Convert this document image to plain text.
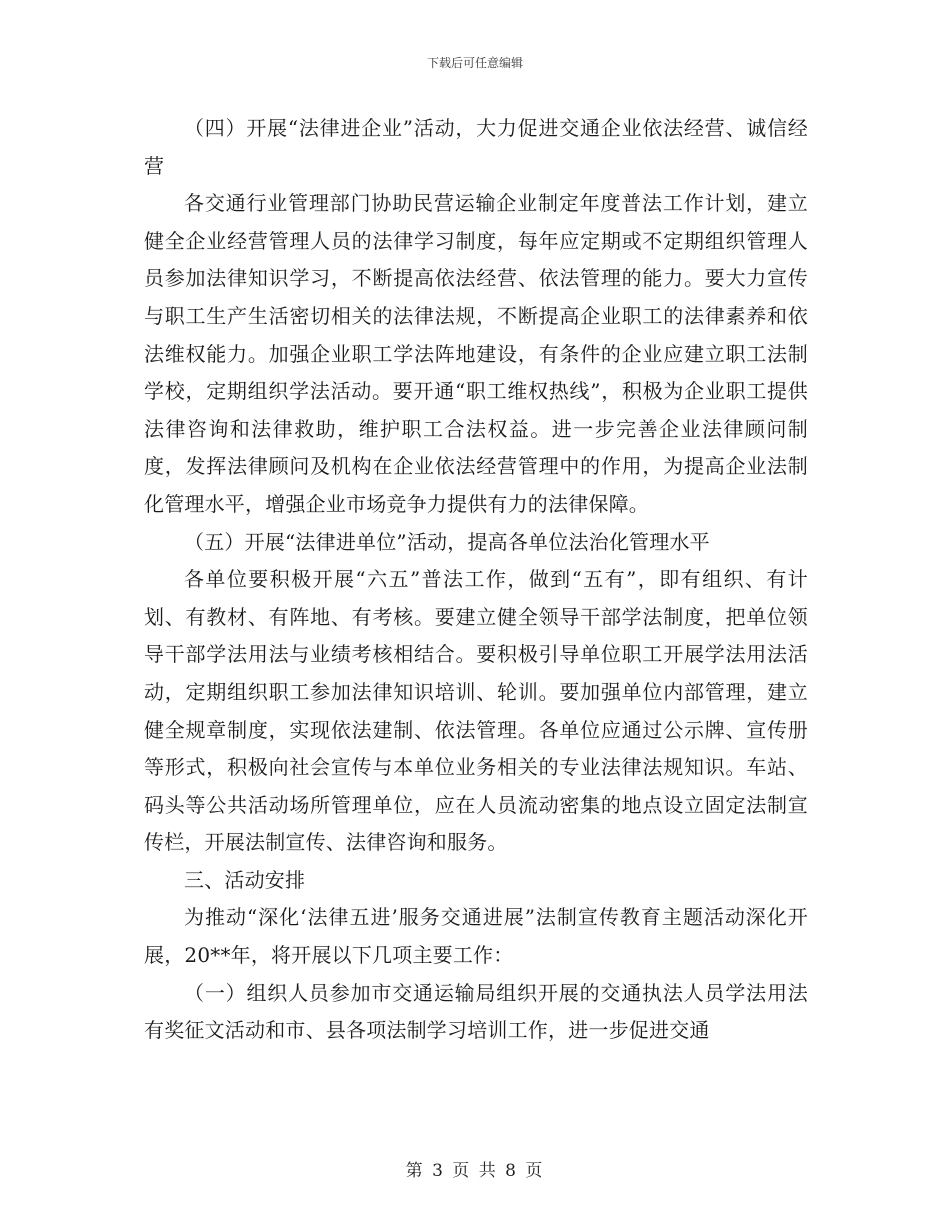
下载后可任意编辑

（四）开展“法律进企业”活动，大力促进交通企业依法经营、诚信经营

各交通行业管理部门协助民营运输企业制定年度普法工作计划，建立健全企业经营管理人员的法律学习制度，每年应定期或不定期组织管理人员参加法律知识学习，不断提高依法经营、依法管理的能力。要大力宣传与职工生产生活密切相关的法律法规，不断提高企业职工的法律素养和依法维权能力。加强企业职工学法阵地建设，有条件的企业应建立职工法制学校，定期组织学法活动。要开通“职工维权热线”，积极为企业职工提供法律咨询和法律救助，维护职工合法权益。进一步完善企业法律顾问制度，发挥法律顾问及机构在企业依法经营管理中的作用，为提高企业法制化管理水平，增强企业市场竞争力提供有力的法律保障。

（五）开展“法律进单位”活动，提高各单位法治化管理水平

各单位要积极开展“六五”普法工作，做到“五有”，即有组织、有计划、有教材、有阵地、有考核。要建立健全领导干部学法制度，把单位领导干部学法用法与业绩考核相结合。要积极引导单位职工开展学法用法活动，定期组织职工参加法律知识培训、轮训。要加强单位内部管理，建立健全规章制度，实现依法建制、依法管理。各单位应通过公示牌、宣传册等形式，积极向社会宣传与本单位业务相关的专业法律法规知识。车站、码头等公共活动场所管理单位，应在人员流动密集的地点设立固定法制宣传栏，开展法制宣传、法律咨询和服务。

三、活动安排

为推动“深化‘法律五进’服务交通进展”法制宣传教育主题活动深化开展，20**年，将开展以下几项主要工作：

（一）组织人员参加市交通运输局组织开展的交通执法人员学法用法有奖征文活动和市、县各项法制学习培训工作，进一步促进交通

第 3 页 共 8 页
